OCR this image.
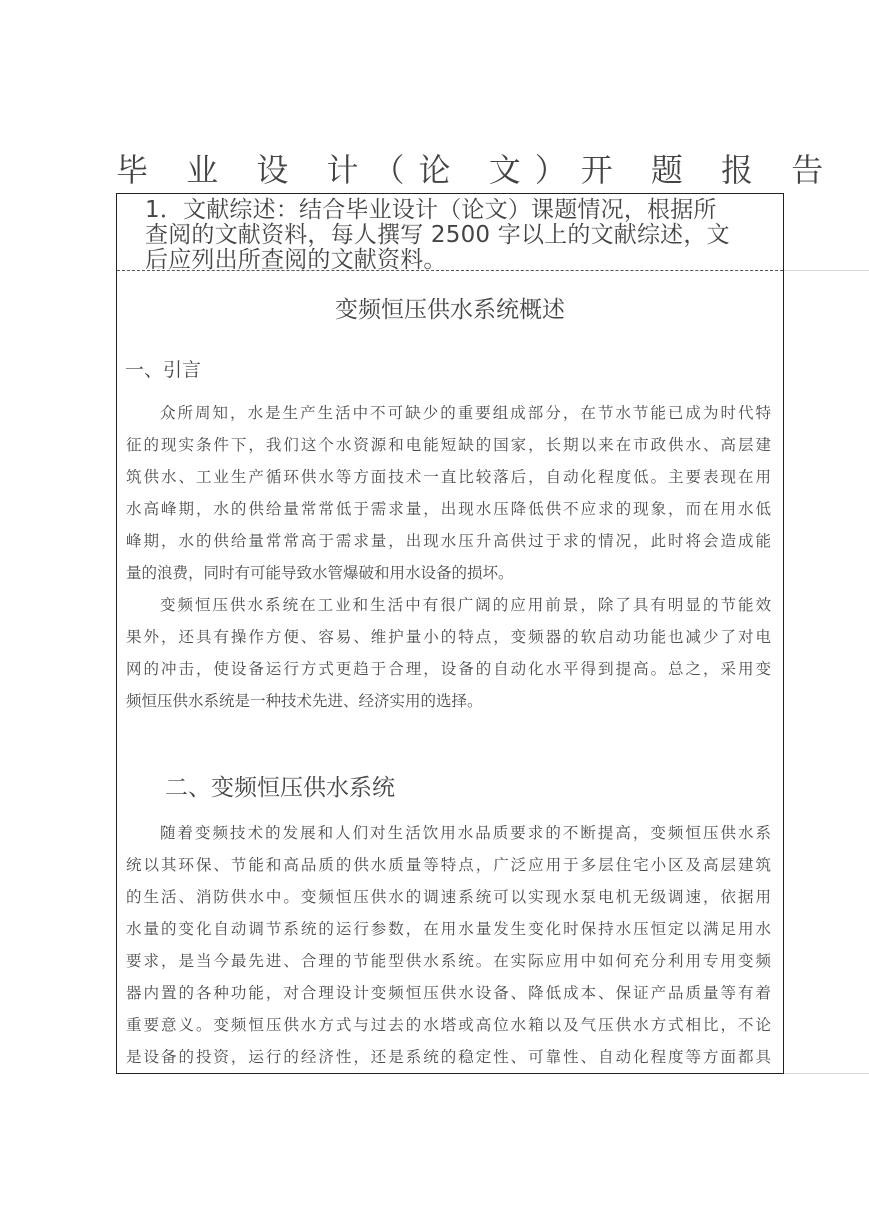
毕 业 设 计（论 文）开 题 报 告
1．文献综述：结合毕业设计（论文）课题情况，根据所
查阅的文献资料，每人撰写 2500 字以上的文献综述，文
后应列出所查阅的文献资料。
变频恒压供水系统概述
一、引言
众所周知，水是生产生活中不可缺少的重要组成部分，在节水节能已成为时代特
征的现实条件下，我们这个水资源和电能短缺的国家，长期以来在市政供水、高层建
筑供水、工业生产循环供水等方面技术一直比较落后，自动化程度低。主要表现在用
水高峰期，水的供给量常常低于需求量，出现水压降低供不应求的现象，而在用水低
峰期，水的供给量常常高于需求量，出现水压升高供过于求的情况，此时将会造成能
量的浪费，同时有可能导致水管爆破和用水设备的损坏。
变频恒压供水系统在工业和生活中有很广阔的应用前景，除了具有明显的节能效
果外，还具有操作方便、容易、维护量小的特点，变频器的软启动功能也减少了对电
网的冲击，使设备运行方式更趋于合理，设备的自动化水平得到提高。总之，采用变
频恒压供水系统是一种技术先进、经济实用的选择。
二、变频恒压供水系统
随着变频技术的发展和人们对生活饮用水品质要求的不断提高，变频恒压供水系
统以其环保、节能和高品质的供水质量等特点，广泛应用于多层住宅小区及高层建筑
的生活、消防供水中。变频恒压供水的调速系统可以实现水泵电机无级调速，依据用
水量的变化自动调节系统的运行参数，在用水量发生变化时保持水压恒定以满足用水
要求，是当今最先进、合理的节能型供水系统。在实际应用中如何充分利用专用变频
器内置的各种功能，对合理设计变频恒压供水设备、降低成本、保证产品质量等有着
重要意义。变频恒压供水方式与过去的水塔或高位水箱以及气压供水方式相比，不论
是设备的投资，运行的经济性，还是系统的稳定性、可靠性、自动化程度等方面都具
